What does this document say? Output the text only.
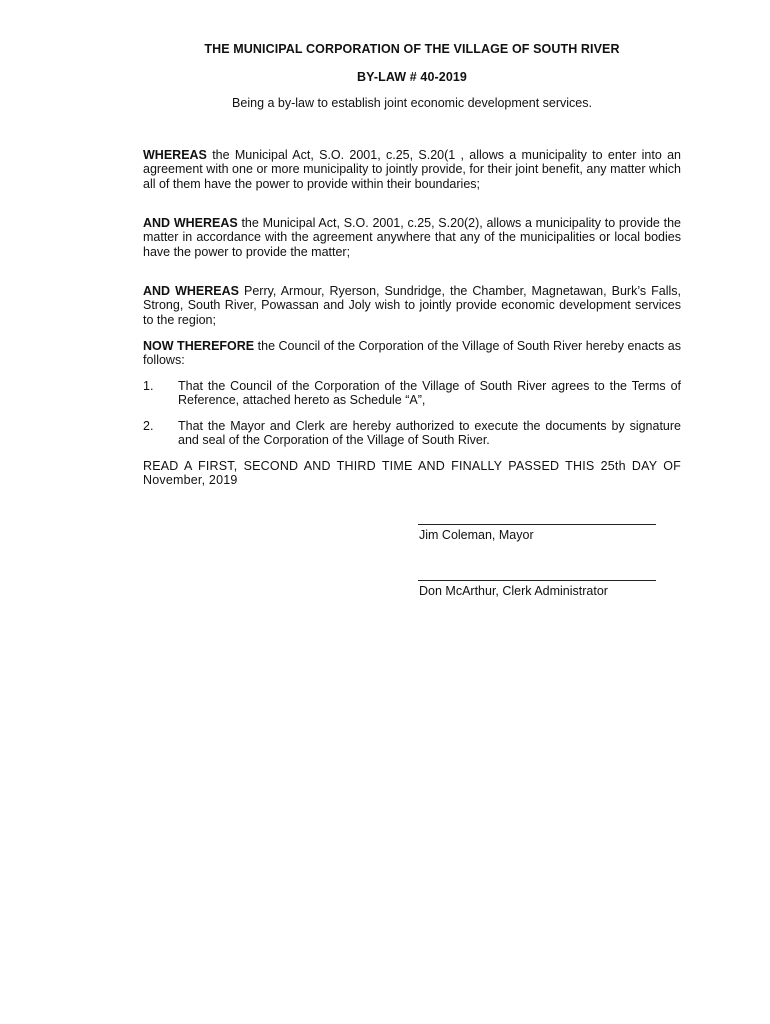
THE MUNICIPAL CORPORATION OF THE VILLAGE OF SOUTH RIVER
BY-LAW # 40-2019
Being a by-law to establish joint economic development services.
WHEREAS the Municipal Act, S.O. 2001, c.25, S.20(1 , allows a municipality to enter into an agreement with one or more municipality to jointly provide, for their joint benefit, any matter which all of them have the power to provide within their boundaries;
AND WHEREAS the Municipal Act, S.O. 2001, c.25, S.20(2), allows a municipality to provide the matter in accordance with the agreement anywhere that any of the municipalities or local bodies have the power to provide the matter;
AND WHEREAS Perry, Armour, Ryerson, Sundridge, the Chamber, Magnetawan, Burk’s Falls, Strong, South River, Powassan and Joly wish to jointly provide economic development services to the region;
NOW THEREFORE the Council of the Corporation of the Village of South River hereby enacts as follows:
1. That the Council of the Corporation of the Village of South River agrees to the Terms of Reference, attached hereto as Schedule “A”,
2. That the Mayor and Clerk are hereby authorized to execute the documents by signature and seal of the Corporation of the Village of South River.
READ A FIRST, SECOND AND THIRD TIME AND FINALLY PASSED THIS 25th DAY OF November, 2019
Jim Coleman, Mayor
Don McArthur, Clerk Administrator
